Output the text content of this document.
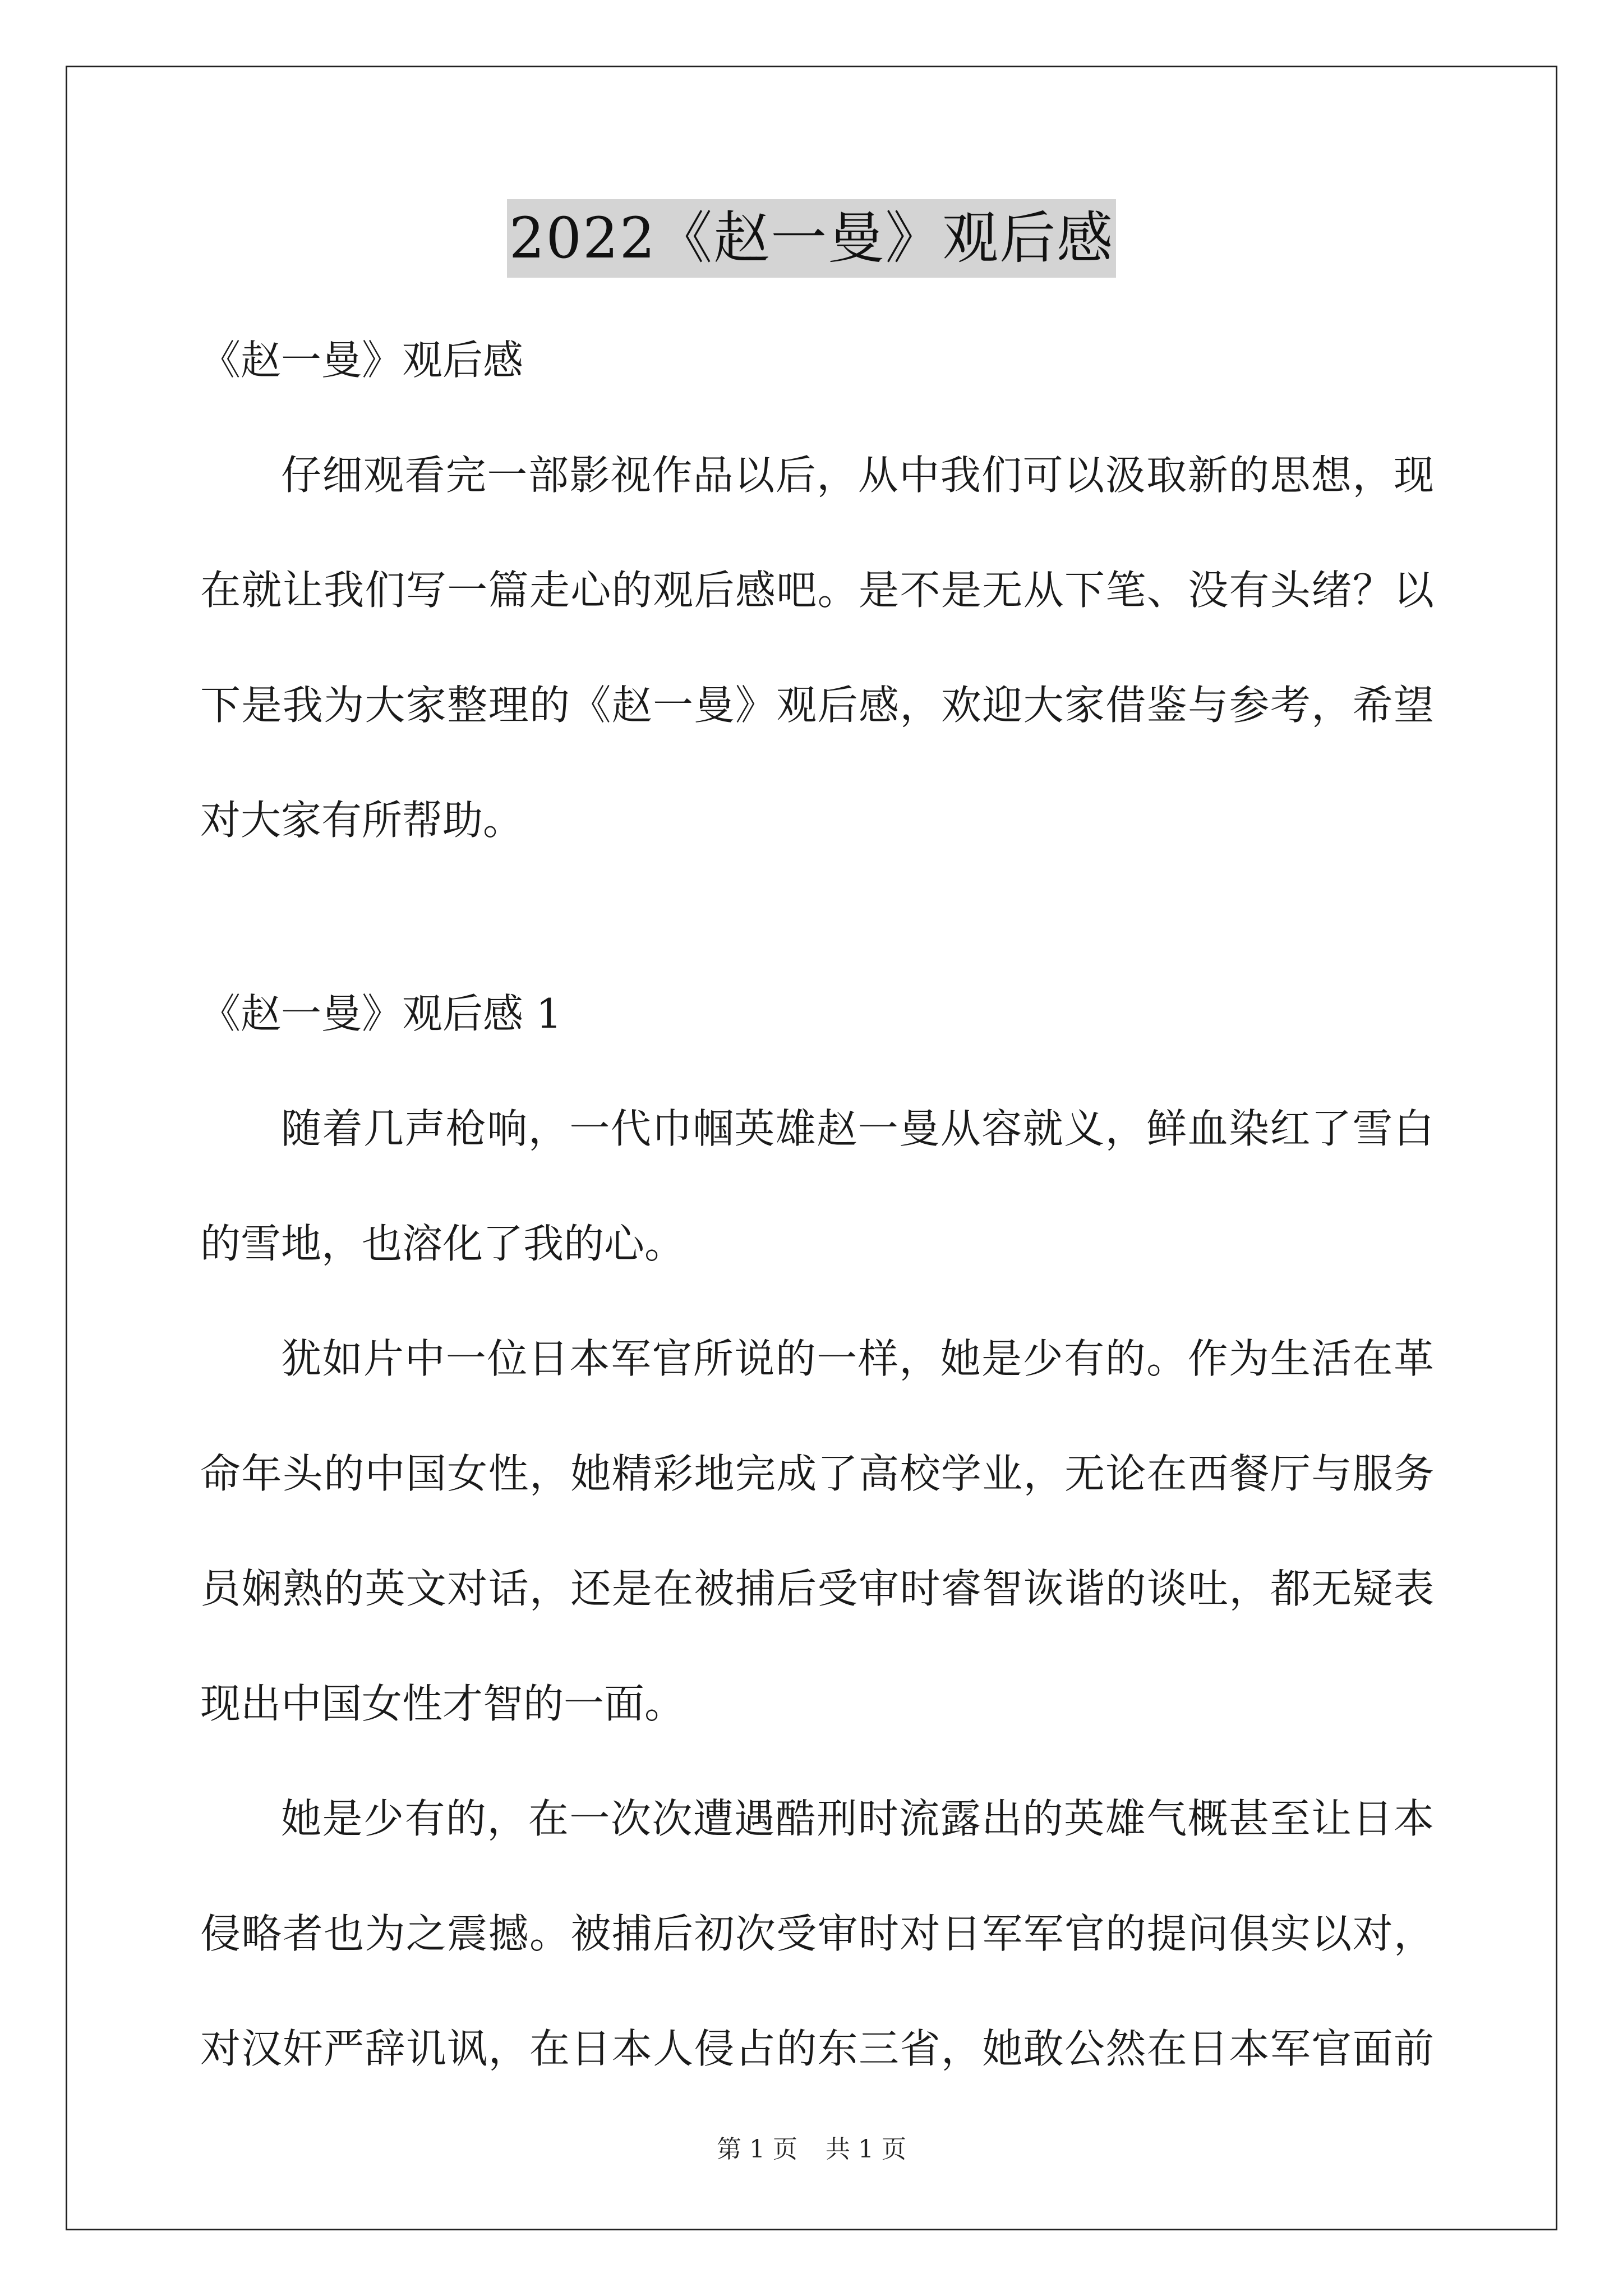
2022《赵一曼》观后感
《赵一曼》观后感
仔细观看完一部影视作品以后，从中我们可以汲取新的思想，现
在就让我们写一篇走心的观后感吧。是不是无从下笔、没有头绪？以
下是我为大家整理的《赵一曼》观后感，欢迎大家借鉴与参考，希望
对大家有所帮助。
《赵一曼》观后感 1
随着几声枪响，一代巾帼英雄赵一曼从容就义，鲜血染红了雪白
的雪地，也溶化了我的心。
犹如片中一位日本军官所说的一样，她是少有的。作为生活在革
命年头的中国女性，她精彩地完成了高校学业，无论在西餐厅与服务
员娴熟的英文对话，还是在被捕后受审时睿智诙谐的谈吐，都无疑表
现出中国女性才智的一面。
她是少有的，在一次次遭遇酷刑时流露出的英雄气概甚至让日本
侵略者也为之震撼。被捕后初次受审时对日军军官的提问俱实以对，
对汉奸严辞讥讽，在日本人侵占的东三省，她敢公然在日本军官面前
第 1 页 共 1 页
